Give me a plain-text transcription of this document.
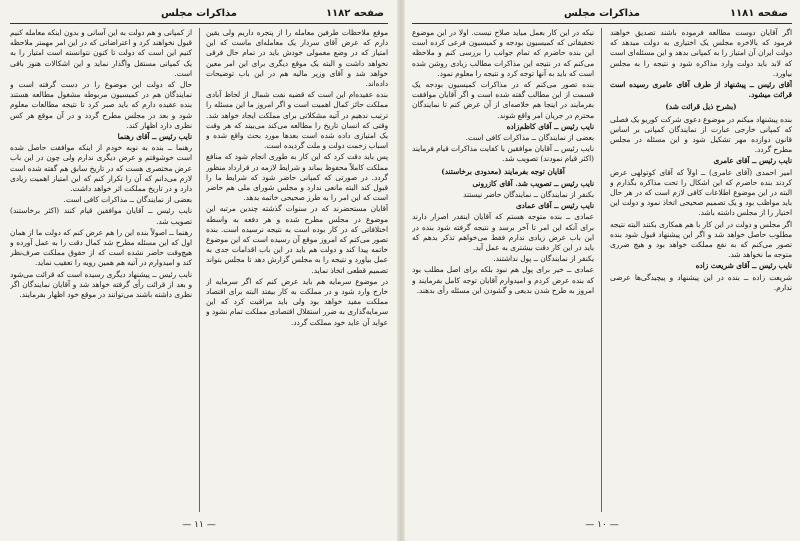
صفحه ۱۱۸۲
مذاکرات مجلس

موقع ملاحظات طرفین معامله را از پنجره داریم ولی یقین دارم که عرض آقای سردار یک معامله‌ای ماست که این امتیاز که در وضع معمولی خودش باید در تمام حال فرقی نخواهد داشت و البته یک موقع دیگری برای این امر معین خواهد شد و آقای وزیر مالیه هم در این باب توضیحات داده‌اند.

بنده عقیده‌ام این است که قضیه نفت شمال از لحاظ آبادی مملکت حائز کمال اهمیت است و اگر امروز ما این مسئله را ترتیب ندهیم در آتیه مشکلاتی برای مملکت ایجاد خواهد شد. وقتی که انسان تاریخ را مطالعه می‌کند می‌بیند که هر وقت یک امتیازی داده شده است بعدها مورد بحث واقع شده و اسباب زحمت دولت و ملت گردیده است.

پس باید دقت کرد که این کار به طوری انجام شود که منافع مملکت کاملاً محفوظ بماند و شرایط لازمه در قرارداد منظور گردد. در صورتی که کمپانی حاضر شود که شرایط ما را قبول کند البته مانعی ندارد و مجلس شورای ملی هم حاضر است که این امر را به طرز صحیحی خاتمه بدهد.

آقایان مستحضرند که در سنوات گذشته چندین مرتبه این موضوع در مجلس مطرح شده و هر دفعه به واسطه اختلافاتی که در کار بوده است به نتیجه نرسیده است. بنده تصور می‌کنم که امروز موقع آن رسیده است که این موضوع خاتمه پیدا کند و دولت هم باید در این باب اقدامات جدی به عمل بیاورد و نتیجه را به مجلس گزارش دهد تا مجلس بتواند تصمیم قطعی اتخاذ نماید.

در موضوع سرمایه هم باید عرض کنم که اگر سرمایه از خارج وارد شود و در مملکت به کار بیفتد البته برای اقتصاد مملکت مفید خواهد بود ولی باید مراقبت کرد که این سرمایه‌گذاری به ضرر استقلال اقتصادی مملکت تمام نشود و عواید آن عاید خود مملکت گردد.

از کمپانی و هم دولت به این آسانی و بدون اینکه معامله کنیم قبول نخواهند کرد و اعتراضاتی که در این امر مهمتر ملاحظه کنیم این است که دولت تا کنون نتوانسته است امتیاز را به یک کمپانی مستقل واگذار نماید و این اشکالات هنوز باقی است.

حال که دولت این موضوع را در دست گرفته است و نمایندگان هم در کمیسیون مربوطه مشغول مطالعه هستند بنده عقیده دارم که باید صبر کرد تا نتیجه مطالعات معلوم شود و بعد در مجلس مطرح گردد و در آن موقع هر کس نظری دارد اظهار کند.

نایب رئیس ــ آقای رهنما

رهنما ــ بنده به نوبه خودم از اینکه موافقت حاصل شده است خوشوقتم و عرض دیگری ندارم ولی چون در این باب عرض مختصری هست که در تاریخ سابق هم گفته شده است لازم می‌دانم که آن را تکرار کنم که این امتیاز اهمیت زیادی دارد و در تاریخ مملکت اثر خواهد داشت.

بعضی از نمایندگان ــ مذاکرات کافی است.

نایب رئیس ــ آقایان موافقین قیام کنند (اکثر برخاستند) تصویب شد.

رهنما ــ اصولاً بنده این را هم عرض کنم که دولت ما از همان اول که این مسئله مطرح شد کمال دقت را به عمل آورده و هیچ‌وقت حاضر نشده است که از حقوق مملکت صرف‌نظر کند و امیدوارم در آتیه هم همین رویه را تعقیب نماید.

نایب رئیس ــ پیشنهاد دیگری رسیده است که قرائت می‌شود و بعد از قرائت رأی گرفته خواهد شد و آقایان نمایندگان اگر نظری داشته باشند می‌توانند در موقع خود اظهار بفرمایند.

— ۱۱ —
صفحه ۱۱۸۱
مذاکرات مجلس

اگر آقایان دوست مطالعه فرموده باشند تصدیق خواهند فرمود که بالاخره مجلس یک اختیاری به دولت میدهد که دولت ایران آن امتیاز را به کمپانی بدهد و این مسئله‌ای است که لابد باید دولت وارد مذاکره شود و نتیجه را به مجلس بیاورد.

آقای رئیس ــ پیشنهاد از طرف آقای عامری رسیده است قرائت میشود.

(بشرح ذیل قرائت شد)

بنده پیشنهاد میکنم در موضوع دعوی شرکت کوریو یک فصلی که کمپانی خارجی عبارت از نمایندگان کمپانی بر اساس قانون دوازده مهر تشکیل شود و این مسئله در مجلس مطرح گردد.

نایب رئیس ــ آقای عامری

امیر احمدی (آقای عامری) ــ اولاً که آقای کوتولهی عرض کردند بنده حاضرم که این اشکال را تحت مذاکره بگذارم و البته در این موضوع اطلاعات کافی لازم است که در هر حال باید مواظب بود و یک تصمیم صحیحی اتخاذ نمود و دولت این اختیار را از مجلس داشته باشد.

اگر مجلس و دولت در این کار با هم همکاری بکنند البته نتیجه مطلوب حاصل خواهد شد و اگر این پیشنهاد قبول شود بنده تصور می‌کنم که به نفع مملکت خواهد بود و هیچ ضرری متوجه ما نخواهد شد.

نایب رئیس ــ آقای شریعت زاده

شریعت زاده ــ بنده در این پیشنهاد و پیچیدگی‌ها عرضی ندارم.

نیکه در این کار بعمل میاید صلاح نیست. اولا در این موضوع تحقیقاتی که کمیسیون بودجه و کمیسیون فرعی کرده است این بنده حاضرم که تمام جوانب را بررسی کنم و ملاحظه می‌کنم که در نتیجه این مذاکرات مطالب زیادی روشن شده است که باید به آنها توجه کرد و نتیجه را معلوم نمود.

بنده تصور می‌کنم که در مذاکرات کمیسیون بودجه یک قسمت از این مطالب گفته شده است و اگر آقایان موافقت بفرمایند در اینجا هم خلاصه‌ای از آن عرض کنم تا نمایندگان محترم در جریان امر واقع شوند.

نایب رئیس ــ آقای کاظم‌زاده

بعضی از نمایندگان ــ مذاکرات کافی است.

نایب رئیس ــ آقایان موافقین با کفایت مذاکرات قیام فرمایند (اکثر قیام نمودند) تصویب شد.

آقایان توجه بفرمایند (معدودی برخاستند)

نایب رئیس ــ تصویب شد. آقای کازرونی

بکنفر از نمایندگان ــ نمایندگان حاضر نیستند

نایب رئیس ــ آقای عمادی

عمادی ــ بنده متوجه هستم که آقایان اینقدر اصرار دارند برای آنکه این امر تا آخر برسد و نتیجه گرفته شود بنده در این باب عرض زیادی ندارم فقط می‌خواهم تذکر بدهم که باید در این کار دقت بیشتری به عمل آید.

یکنفر از نمایندگان ــ پول نداشتند.

عمادی ــ خیر برای پول هم نبود بلکه برای اصل مطلب بود که بنده عرض کردم و امیدوارم آقایان توجه کامل بفرمایند و امروز به طرح شدن بدیعی و گشودن این مسئله رأی بدهند.

— ۱۰ —
